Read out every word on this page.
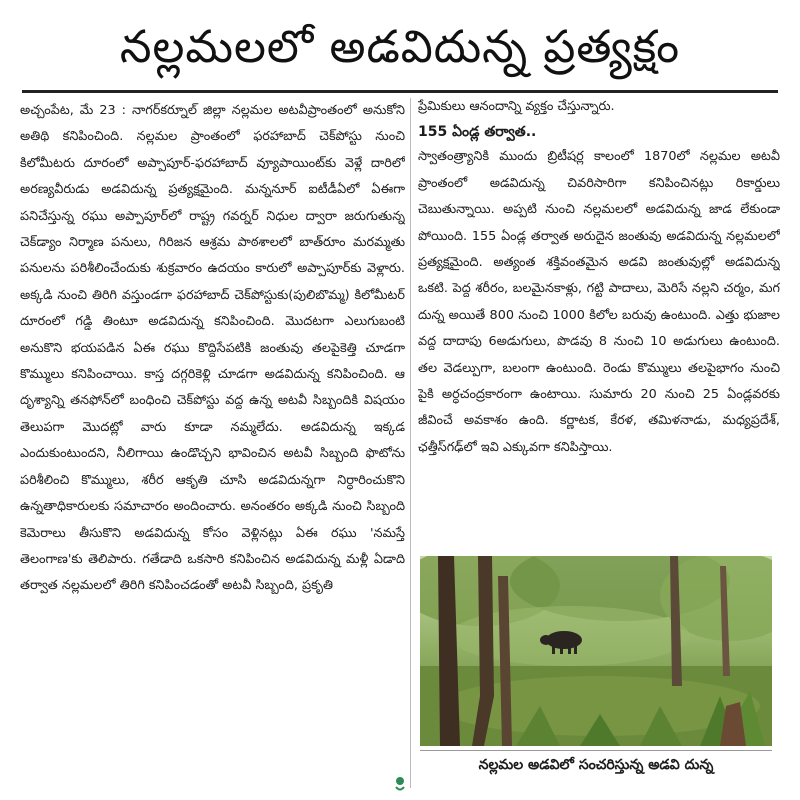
నల్లమలలో అడవిదున్న ప్రత్యక్షం

అచ్చంపేట, మే 23 : నాగర్‌కర్నూల్‌ జిల్లా నల్లమల అటవీప్రాంతంలో అనుకోని అతిథి కనిపించింది. నల్లమల ప్రాంతంలో ఫరహాబాద్‌ చెక్‌పోస్టు నుంచి కిలోమీటరు దూరంలో అప్పాపూర్‌-ఫరహాబాద్‌ వ్యూపాయింట్‌కు వెళ్లే దారిలో అరణ్యవీరుడు అడవిదున్న ప్రత్యక్షమైంది. మన్ననూర్‌ ఐటీడీఏలో ఏఈగా పనిచేస్తున్న రఘు అప్పాపూర్‌లో రాష్ట్ర గవర్నర్‌ నిధుల ద్వారా జరుగుతున్న చెక్‌డ్యాం నిర్మాణ పనులు, గిరిజన ఆశ్రమ పాఠశాలలో బాత్‌రూం మరమ్మతు పనులను పరిశీలించేందుకు శుక్రవారం ఉదయం కారులో అప్పాపూర్‌కు వెళ్లారు. అక్కడి నుంచి తిరిగి వస్తుండగా ఫరహాబాద్‌ చెక్‌పోస్టుకు(పులిబొమ్మ) కిలోమీటర్‌ దూరంలో గడ్డి తింటూ అడవిదున్న కనిపించింది. మొదటగా ఎలుగుబంటి అనుకొని భయపడిన ఏఈ రఘు కొద్దిసేపటికి జంతువు తలపైకెత్తి చూడగా కొమ్ములు కనిపించాయి. కాస్త దగ్గరికెళ్లి చూడగా అడవిదున్న కనిపించింది. ఆ దృశ్యాన్ని తనఫోన్‌లో బంధించి చెక్‌పోస్టు వద్ద ఉన్న అటవీ సిబ్బందికి విషయం తెలుపగా మొదట్లో వారు కూడా నమ్మలేదు. అడవిదున్న ఇక్కడ ఎందుకుంటుందని, నీలిగాయి ఉండొచ్చని భావించిన అటవీ సిబ్బంది ఫొటోను పరిశీలించి కొమ్ములు, శరీర ఆకృతి చూసి అడవిదున్నగా నిర్ధారించుకొని ఉన్నతాధికారులకు సమాచారం అందించారు. అనంతరం అక్కడి నుంచి సిబ్బంది కెమెరాలు తీసుకొని అడవిదున్న కోసం వెళ్లినట్లు ఏఈ రఘు 'నమస్తే తెలంగాణ'కు తెలిపారు. గతేడాది ఒకసారి కనిపించిన అడవిదున్న మళ్లీ ఏడాది తర్వాత నల్లమలలో తిరిగి కనిపించడంతో అటవీ సిబ్బంది, ప్రకృతి

ప్రేమికులు ఆనందాన్ని వ్యక్తం చేస్తున్నారు.

155 ఏండ్ల తర్వాత..

స్వాతంత్ర్యానికి ముందు బ్రిటీషర్ల కాలంలో 1870లో నల్లమల అటవీ ప్రాంతంలో అడవిదున్న చివరిసారిగా కనిపించినట్లు రికార్డులు చెబుతున్నాయి. అప్పటి నుంచి నల్లమలలో అడవిదున్న జాడ లేకుండా పోయింది. 155 ఏండ్ల తర్వాత అరుదైన జంతువు అడవిదున్న నల్లమలలో ప్రత్యక్షమైంది. అత్యంత శక్తివంతమైన అడవి జంతువుల్లో అడవిదున్న ఒకటి. పెద్ద శరీరం, బలమైనకాళ్లు, గట్టి పాదాలు, మెరిసే నల్లని చర్మం, మగ దున్న అయితే 800 నుంచి 1000 కిలోల బరువు ఉంటుంది. ఎత్తు భుజాల వద్ద దాదాపు 6అడుగులు, పొడవు 8 నుంచి 10 అడుగులు ఉంటుంది. తల వెడల్పుగా, బలంగా ఉంటుంది. రెండు కొమ్ములు తలపైభాగం నుంచి పైకి అర్ధచంద్రకారంగా ఉంటాయి. సుమారు 20 నుంచి 25 ఏండ్లవరకు జీవించే అవకాశం ఉంది. కర్ణాటక, కేరళ, తమిళనాడు, మధ్యప్రదేశ్‌, ఛత్తీస్‌గఢ్‌లో ఇవి ఎక్కువగా కనిపిస్తాయి.

నల్లమల అడవిలో సంచరిస్తున్న అడవి దున్న
